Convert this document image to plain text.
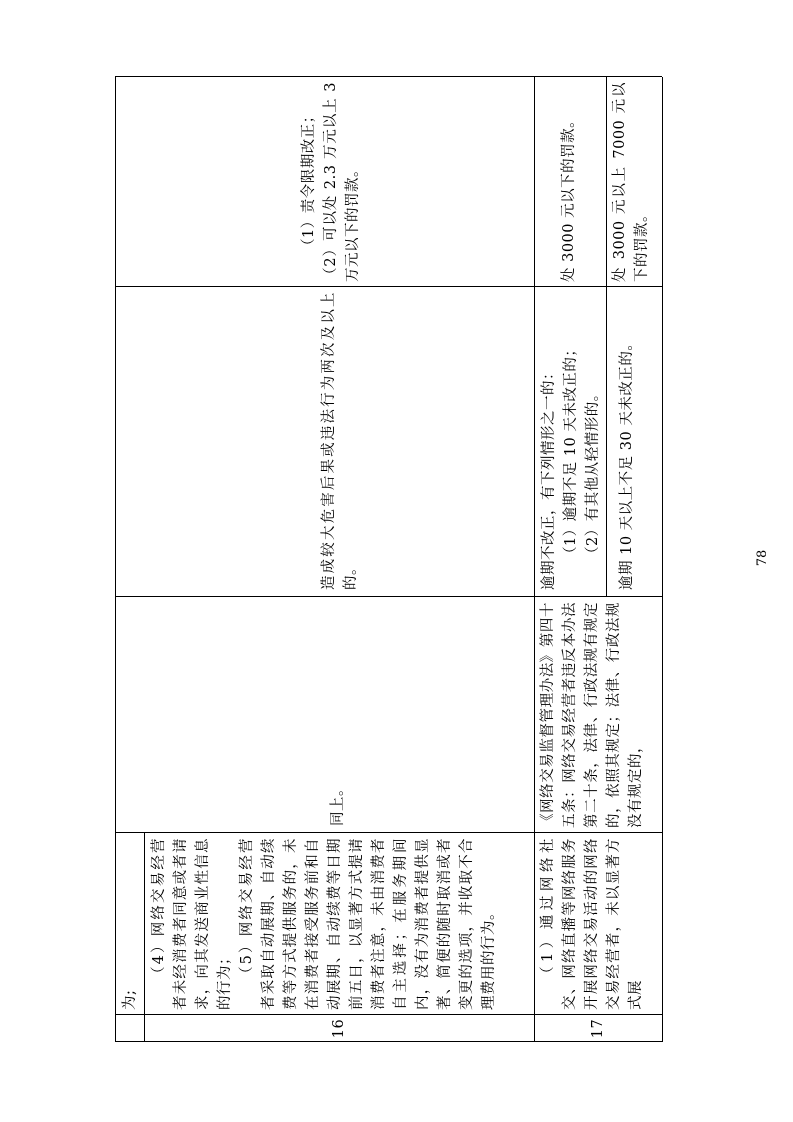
为;

16

（4）网络交易经营者未经消费者同意或者请求，向其发送商业性信息的行为； （5）网络交易经营者采取自动展期、自动续费等方式提供服务的，未在消费者接受服务前和自动展期、自动续费等日期前五日，以显著方式提请消费者注意，未由消费者自主选择；在服务期间内，没有为消费者提供显著、简便的随时取消或者变更的选项，并收取不合理费用的行为。

同上。

造成较大危害后果或违法行为两次及以上的。

（1）责令限期改正； （2）可以处 2.3 万元以上 3 万元以下的罚款。

17

（1）通过网络社交、网络直播等网络服务开展网络交易活动的网络交易经营者，未以显著方式展

《网络交易监督管理办法》第四十五条：网络交易经营者违反本办法第二十条，法律、行政法规有规定的，依照其规定；法律、行政法规没有规定的，

逾期不改正，有下列情形之一的： （1）逾期不足 10 天未改正的； （2）有其他从轻情形的。

处 3000 元以下的罚款。

逾期 10 天以上不足 30 天未改正的。

处 3000 元以上 7000 元以下的罚款。

78
